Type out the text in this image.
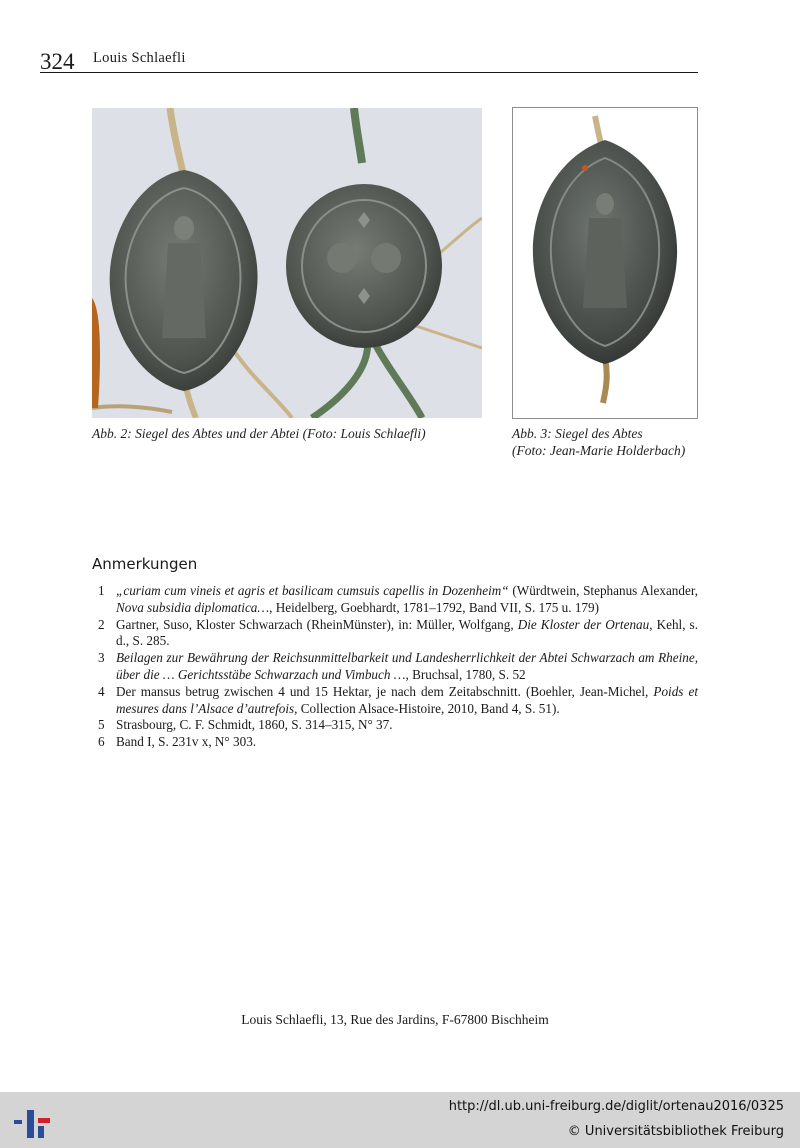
324 Louis Schlaefli
Abb. 2: Siegel des Abtes und der Abtei (Foto: Louis Schlaefli)	Abb. 3: Siegel des Abtes
(Foto: Jean-Marie Holderbach)
Anmerkungen
1 „curiam cum vineis et agris et basilicam cumsuis capellis in Dozenheim“ (Würdtwein, Stephanus Alexander, Nova subsidia diplomatica…, Heidelberg, Goebhardt, 1781–1792, Band VII, S. 175 u. 179)
2 Gartner, Suso, Kloster Schwarzach (RheinMünster), in: Müller, Wolfgang, Die Kloster der Ortenau, Kehl, s. d., S. 285.
3 Beilagen zur Bewährung der Reichsunmittelbarkeit und Landesherrlichkeit der Abtei Schwarzach am Rheine, über die … Gerichtsstäbe Schwarzach und Vimbuch …, Bruchsal, 1780, S. 52
4 Der mansus betrug zwischen 4 und 15 Hektar, je nach dem Zeitabschnitt. (Boehler, Jean-Michel, Poids et mesures dans l’Alsace d’autrefois, Collection Alsace-Histoire, 2010, Band 4, S. 51).
5 Strasbourg, C. F. Schmidt, 1860, S. 314–315, N° 37.
6 Band I, S. 231v x, N° 303.
Louis Schlaefli, 13, Rue des Jardins, F-67800 Bischheim
http://dl.ub.uni-freiburg.de/diglit/ortenau2016/0325
© Universitätsbibliothek Freiburg
